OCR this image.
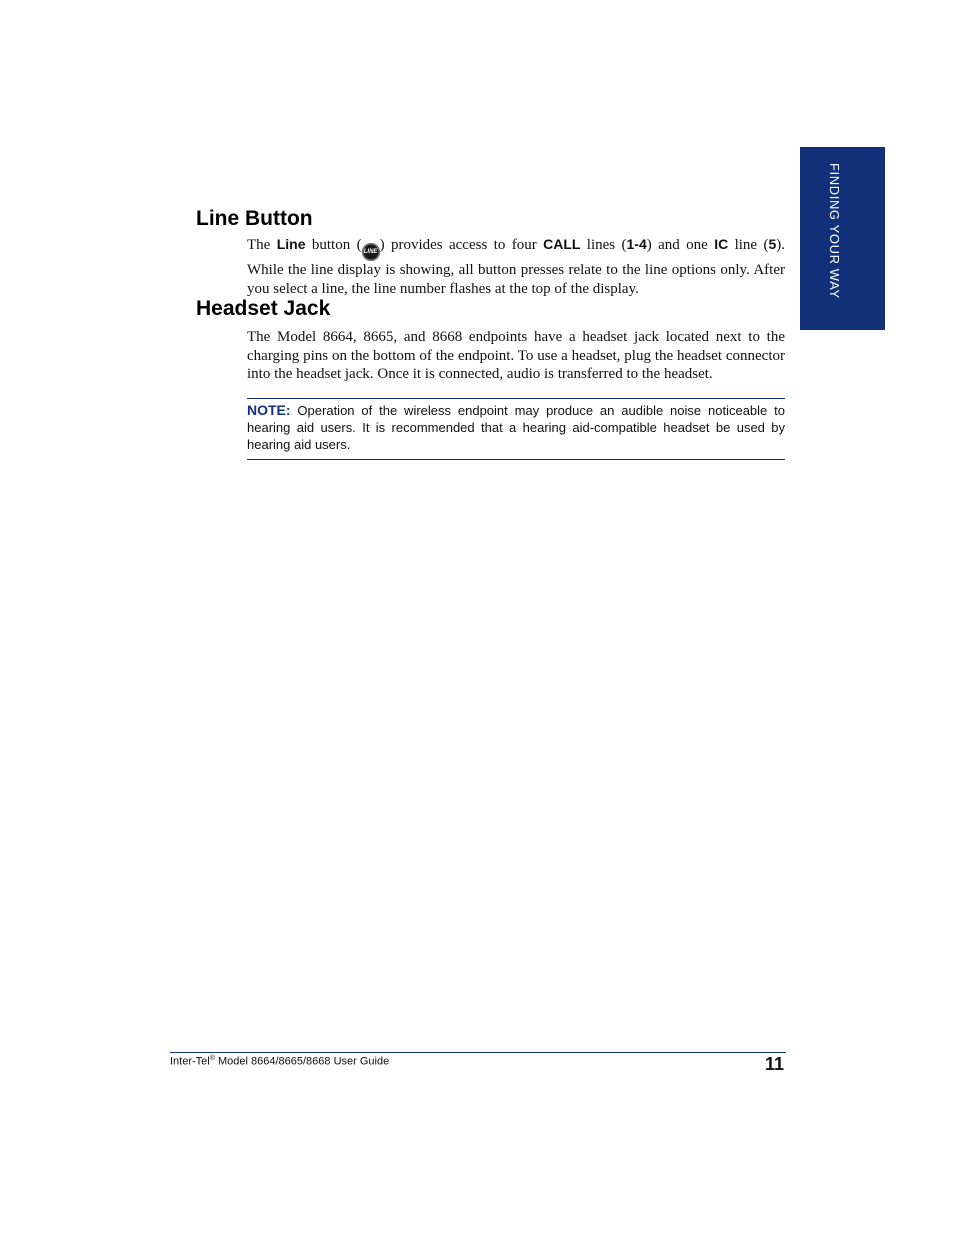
FINDING YOUR WAY
Line Button

The Line button ( LINE ) provides access to four CALL lines (1-4) and one IC line (5). While the line display is showing, all button presses relate to the line options only. After you select a line, the line number flashes at the top of the display.

Headset Jack

The Model 8664, 8665, and 8668 endpoints have a headset jack located next to the charging pins on the bottom of the endpoint. To use a headset, plug the headset connector into the headset jack. Once it is connected, audio is transferred to the headset.

NOTE: Operation of the wireless endpoint may produce an audible noise noticeable to hearing aid users. It is recommended that a hearing aid-compatible headset be used by hearing aid users.
Inter-Tel® Model 8664/8665/8668 User Guide	11
